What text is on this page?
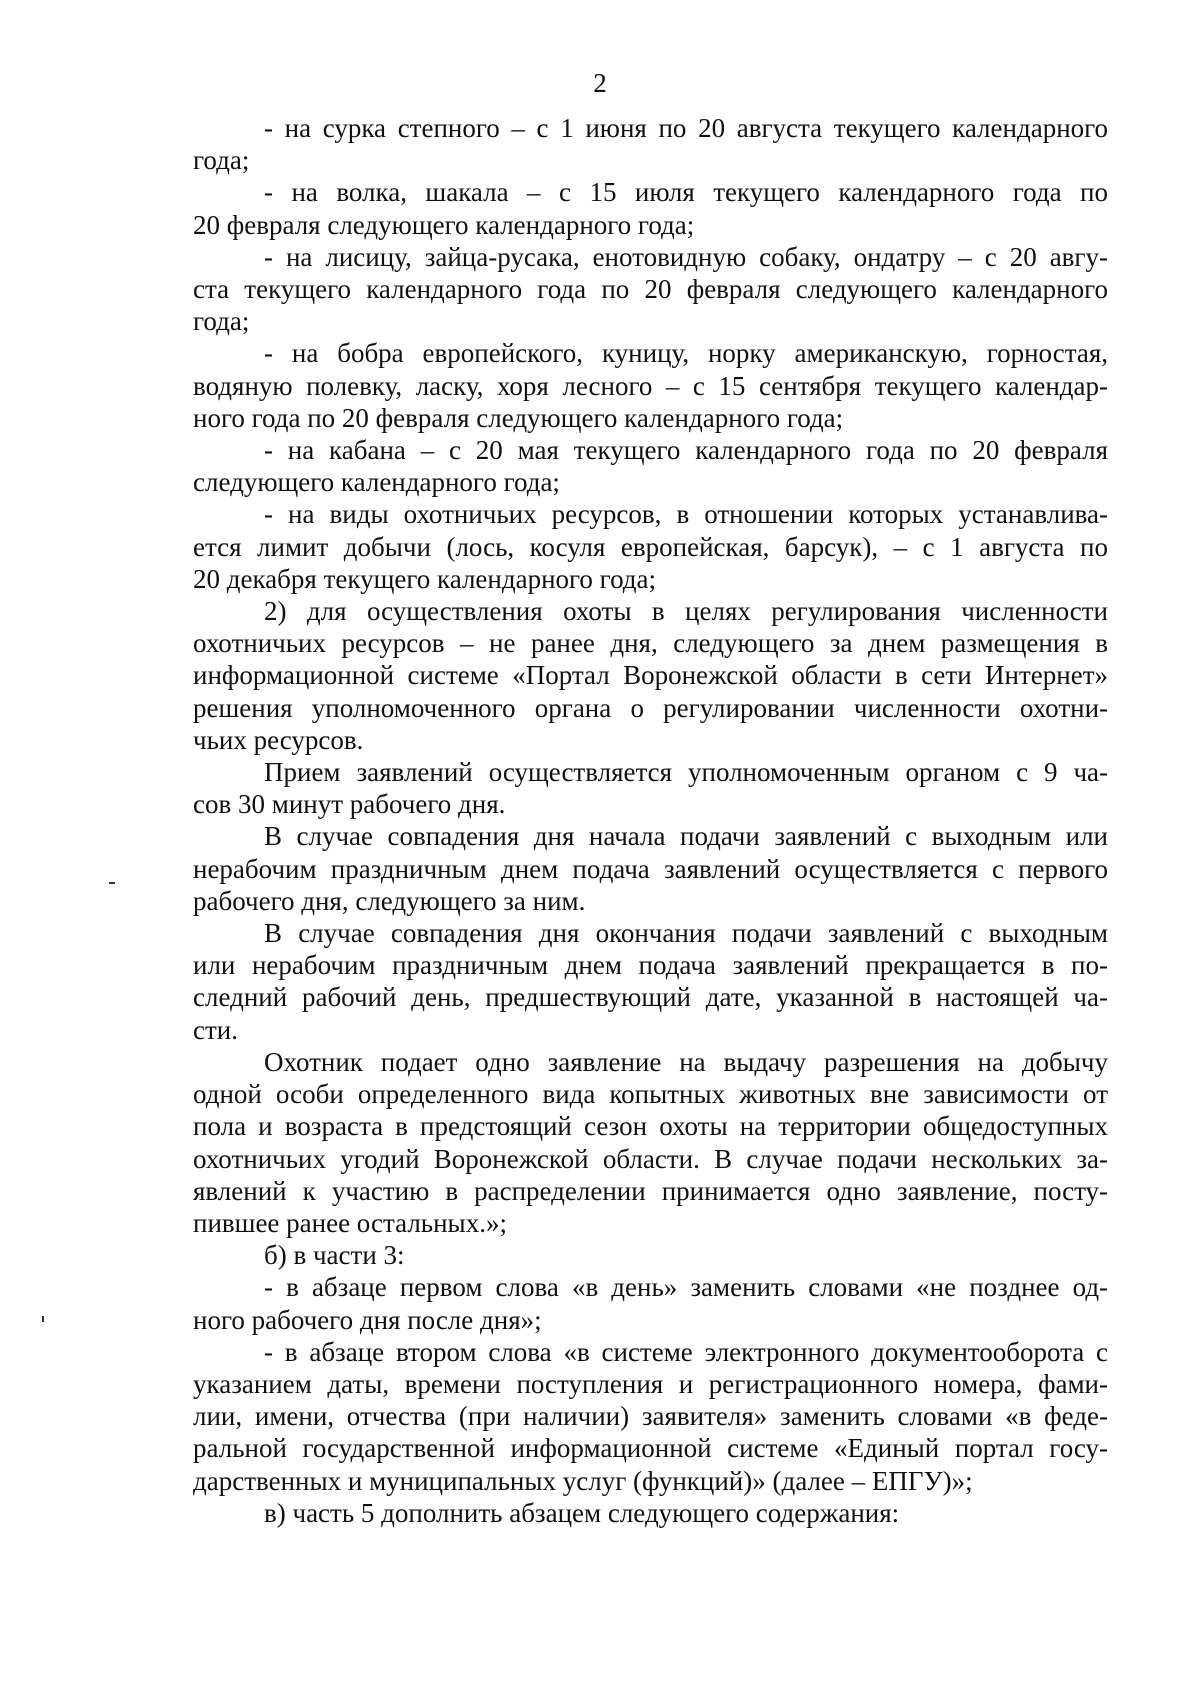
2

- на сурка степного – с 1 июня по 20 августа текущего календарного
года;

- на волка, шакала – с 15 июля текущего календарного года по
20 февраля следующего календарного года;

- на лисицу, зайца-русака, енотовидную собаку, ондатру – с 20 авгу-
ста текущего календарного года по 20 февраля следующего календарного
года;

- на бобра европейского, куницу, норку американскую, горностая,
водяную полевку, ласку, хоря лесного – с 15 сентября текущего календар-
ного года по 20 февраля следующего календарного года;

- на кабана – с 20 мая текущего календарного года по 20 февраля
следующего календарного года;

- на виды охотничьих ресурсов, в отношении которых устанавлива-
ется лимит добычи (лось, косуля европейская, барсук), – с 1 августа по
20 декабря текущего календарного года;

2) для осуществления охоты в целях регулирования численности
охотничьих ресурсов – не ранее дня, следующего за днем размещения в
информационной системе «Портал Воронежской области в сети Интернет»
решения уполномоченного органа о регулировании численности охотни-
чьих ресурсов.

Прием заявлений осуществляется уполномоченным органом с 9 ча-
сов 30 минут рабочего дня.

В случае совпадения дня начала подачи заявлений с выходным или
нерабочим праздничным днем подача заявлений осуществляется с первого
рабочего дня, следующего за ним.

В случае совпадения дня окончания подачи заявлений с выходным
или нерабочим праздничным днем подача заявлений прекращается в по-
следний рабочий день, предшествующий дате, указанной в настоящей ча-
сти.

Охотник подает одно заявление на выдачу разрешения на добычу
одной особи определенного вида копытных животных вне зависимости от
пола и возраста в предстоящий сезон охоты на территории общедоступных
охотничьих угодий Воронежской области. В случае подачи нескольких за-
явлений к участию в распределении принимается одно заявление, посту-
пившее ранее остальных.»;

б) в части 3:

- в абзаце первом слова «в день» заменить словами «не позднее од-
ного рабочего дня после дня»;

- в абзаце втором слова «в системе электронного документооборота с
указанием даты, времени поступления и регистрационного номера, фами-
лии, имени, отчества (при наличии) заявителя» заменить словами «в феде-
ральной государственной информационной системе «Единый портал госу-
дарственных и муниципальных услуг (функций)» (далее – ЕПГУ)»;

в) часть 5 дополнить абзацем следующего содержания:
